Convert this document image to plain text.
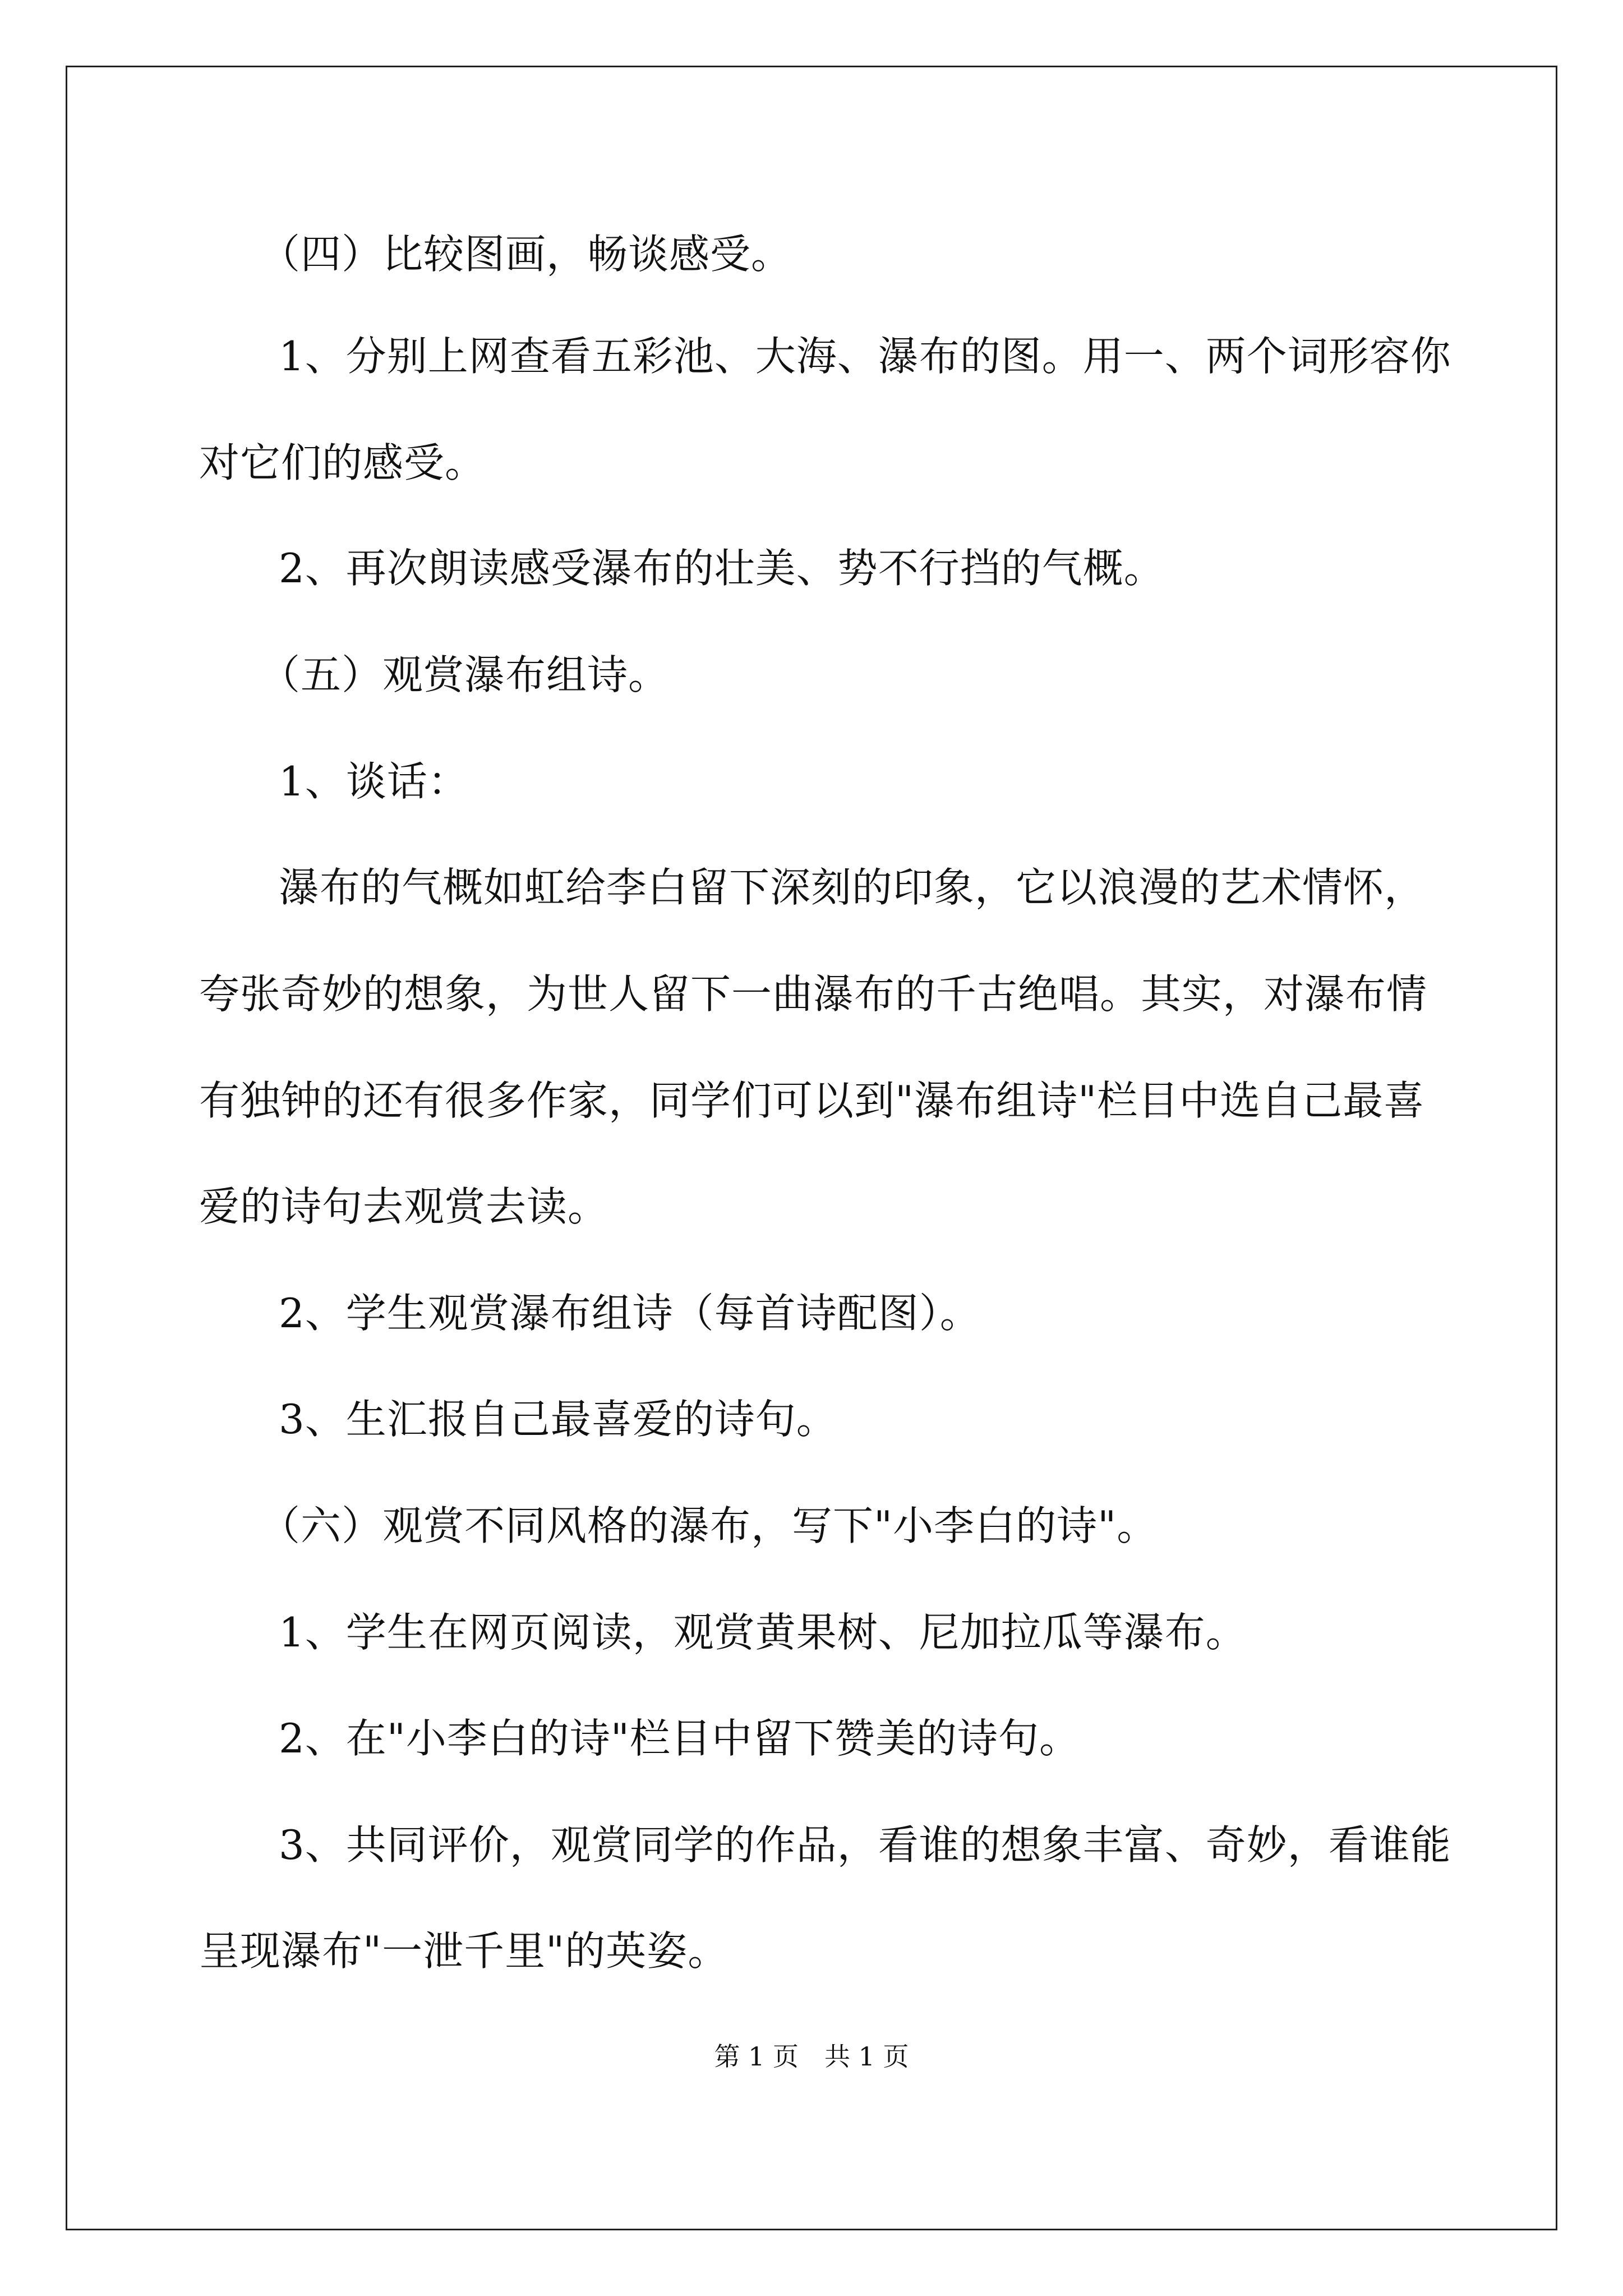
（四）比较图画，畅谈感受。
1、分别上网查看五彩池、大海、瀑布的图。用一、两个词形容你
对它们的感受。
2、再次朗读感受瀑布的壮美、势不行挡的气概。
（五）观赏瀑布组诗。
1、谈话：
瀑布的气概如虹给李白留下深刻的印象，它以浪漫的艺术情怀，
夸张奇妙的想象，为世人留下一曲瀑布的千古绝唱。其实，对瀑布情
有独钟的还有很多作家，同学们可以到"瀑布组诗"栏目中选自己最喜
爱的诗句去观赏去读。
2、学生观赏瀑布组诗（每首诗配图）。
3、生汇报自己最喜爱的诗句。
（六）观赏不同风格的瀑布，写下"小李白的诗"。
1、学生在网页阅读，观赏黄果树、尼加拉瓜等瀑布。
2、在"小李白的诗"栏目中留下赞美的诗句。
3、共同评价，观赏同学的作品，看谁的想象丰富、奇妙，看谁能
呈现瀑布"一泄千里"的英姿。
第 1 页　共 1 页
